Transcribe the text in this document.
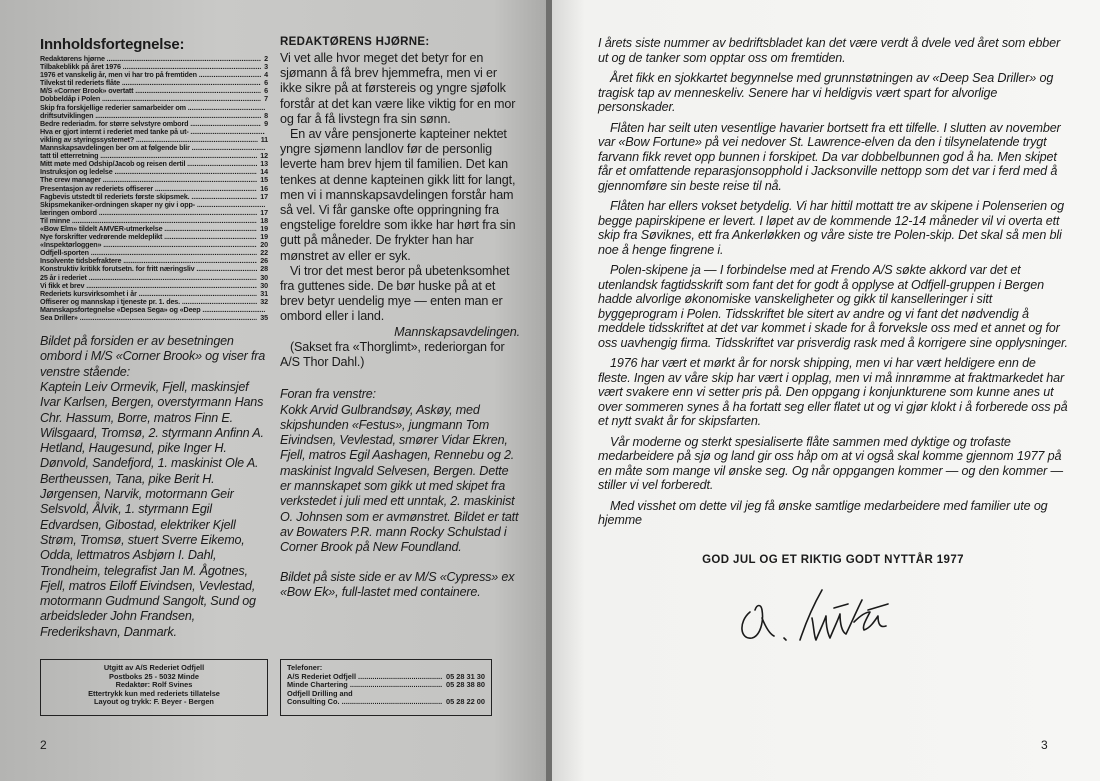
Innholdsfortegnelse:
Redaktørens hjørne .....	2
Tilbakeblikk på året 1976 .....	3
1976 et vanskelig år, men vi har tro på fremtiden .....	4
Tilvekst til rederiets flåte .....	6
M/S «Corner Brook» overtatt .....	6
Dobbeldåp i Polen .....	7
Skip fra forskjellige rederier samarbeider om .....
driftsutviklingen .....	8
Bedre rederiadm. for større selvstyre ombord .....	9
Hva er gjort internt i rederiet med tanke på ut- .....
vikling av styringssystemet? .....	11
Mannskapsavdelingen ber om at følgende blir .....
tatt til etterretning .....	12
Mitt møte med Odship/Jacob og reisen dertil .....	13
Instruksjon og ledelse .....	14
The crew manager .....	15
Presentasjon av rederiets offiserer .....	16
Fagbevis utstedt til rederiets første skipsmek. .....	17
Skipsmekaniker-ordningen skaper ny giv i opp- .....
læringen ombord .....	17
Til minne .....	18
«Bow Elm» tildelt AMVER-utmerkelse .....	19
Nye forskrifter vedrørende meldeplikt .....	19
«Inspektørloggen» .....	20
Odfjell-sporten .....	22
Insolvente tidsbefraktere .....	26
Konstruktiv kritikk forutsetn. for fritt næringsliv .....	28
25 år i rederiet .....	30
Vi fikk et brev .....	30
Rederiets kursvirksomhet i år .....	31
Offiserer og mannskap i tjeneste pr. 1. des. .....	32
Mannskapsfortegnelse «Depsea Sega» og «Deep .....
Sea Driller» .....	35
Bildet på forsiden er av besetningen ombord i M/S «Corner Brook» og viser fra venstre stående:
Kaptein Leiv Ormevik, Fjell, maskinsjef Ivar Karlsen, Bergen, overstyrmann Hans Chr. Hassum, Borre, matros Finn E. Wilsgaard, Tromsø, 2. styrmann Anfinn A. Hetland, Haugesund, pike Inger H. Dønvold, Sandefjord, 1. maskinist Ole A. Bertheussen, Tana, pike Berit H. Jørgensen, Narvik, motormann Geir Selsvold, Ålvik, 1. styrmann Egil Edvardsen, Gibostad, elektriker Kjell Strøm, Tromsø, stuert Sverre Eikemo, Odda, lettmatros Asbjørn I. Dahl, Trondheim, telegrafist Jan M. Ågotnes, Fjell, matros Eiloff Eivindsen, Vevlestad, motormann Gudmund Sangolt, Sund og arbeidsleder John Frandsen, Frederikshavn, Danmark.
REDAKTØRENS HJØRNE:

Vi vet alle hvor meget det betyr for en sjømann å få brev hjemmefra, men vi er ikke sikre på at førstereis og yngre sjøfolk forstår at det kan være like viktig for en mor og far å få livstegn fra sin sønn.

En av våre pensjonerte kapteiner nektet yngre sjømenn landlov før de personlig leverte ham brev hjem til familien. Det kan tenkes at denne kapteinen gikk litt for langt, men vi i mannskapsavdelingen forstår ham så vel. Vi får ganske ofte oppringning fra engstelige foreldre som ikke har hørt fra sin gutt på måneder. De frykter han har mønstret av eller er syk.

Vi tror det mest beror på ubetenksomhet fra guttenes side. De bør huske på at et brev betyr uendelig mye — enten man er ombord eller i land.

Mannskapsavdelingen.

(Sakset fra «Thorglimt», rederiorgan for A/S Thor Dahl.)

Foran fra venstre:
Kokk Arvid Gulbrandsøy, Askøy, med skipshunden «Festus», jungmann Tom Eivindsen, Vevlestad, smører Vidar Ekren, Fjell, matros Egil Aashagen, Rennebu og 2. maskinist Ingvald Selvesen, Bergen. Dette er mannskapet som gikk ut med skipet fra verkstedet i juli med ett unntak, 2. maskinist O. Johnsen som er avmønstret. Bildet er tatt av Bowaters P.R. mann Rocky Schulstad i Corner Brook på New Foundland.
Bildet på siste side er av M/S «Cypress» ex «Bow Ek», full-lastet med containere.
Utgitt av A/S Rederiet Odfjell
Postboks 25 - 5032 Minde
Redaktør: Rolf Svines
Ettertrykk kun med rederiets tillatelse
Layout og trykk: F. Beyer - Bergen
Telefoner:
A/S Rederiet Odfjell .....	05 28 31 30
Minde Chartering .....	05 28 38 80
Odfjell Drilling and
Consulting Co. .....	05 28 22 00
2

I årets siste nummer av bedriftsbladet kan det være verdt å dvele ved året som ebber ut og de tanker som opptar oss om fremtiden.

Året fikk en sjokkartet begynnelse med grunnstøtningen av «Deep Sea Driller» og tragisk tap av menneskeliv. Senere har vi heldigvis vært spart for alvorlige personskader.

Flåten har seilt uten vesentlige havarier bortsett fra ett tilfelle. I slutten av november var «Bow Fortune» på vei nedover St. Lawrence-elven da den i tilsynelatende trygt farvann fikk revet opp bunnen i forskipet. Da var dobbelbunnen god å ha. Men skipet får et omfattende reparasjonsopphold i Jacksonville nettopp som det var i ferd med å gjennomføre sin beste reise til nå.

Flåten har ellers vokset betydelig. Vi har hittil mottatt tre av skipene i Polenserien og begge papirskipene er levert. I løpet av de kommende 12-14 måneder vil vi overta ett skip fra Søviknes, ett fra Ankerløkken og våre siste tre Polen-skip. Det skal så men bli noe å henge fingrene i.

Polen-skipene ja — I forbindelse med at Frendo A/S søkte akkord var det et utenlandsk fagtidsskrift som fant det for godt å opplyse at Odfjell-gruppen i Bergen hadde alvorlige økonomiske vanskeligheter og gikk til kanselleringer i sitt byggeprogram i Polen. Tidsskriftet ble sitert av andre og vi fant det nødvendig å meddele tidsskriftet at det var kommet i skade for å forveksle oss med et annet og for oss uavhengig firma. Tidsskriftet var prisverdig rask med å korrigere sine opplysninger.

1976 har vært et mørkt år for norsk shipping, men vi har vært heldigere enn de fleste. Ingen av våre skip har vært i opplag, men vi må innrømme at fraktmarkedet har vært svakere enn vi setter pris på. Den oppgang i konjunkturene som kunne anes ut over sommeren synes å ha fortatt seg eller flatet ut og vi gjør klokt i å forberede oss på et nytt svakt år for skipsfarten.

Vår moderne og sterkt spesialiserte flåte sammen med dyktige og trofaste medarbeidere på sjø og land gir oss håp om at vi også skal komme gjennom 1977 på en måte som mange vil ønske seg. Og når oppgangen kommer — og den kommer — stiller vi vel forberedt.

Med visshet om dette vil jeg få ønske samtlige medarbeidere med familier ute og hjemme

GOD JUL OG ET RIKTIG GODT NYTTÅR 1977
3
